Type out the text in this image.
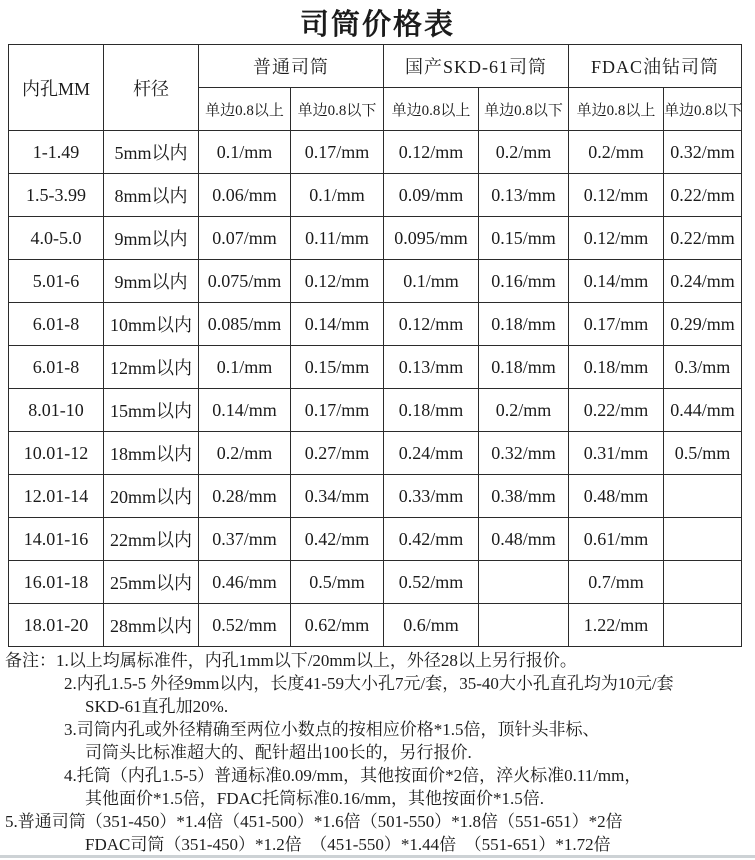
司筒价格表
内孔MM	杆径	普通司筒		国产SKD-61司筒		FDAC油钻司筒	
		单边0.8以上	单边0.8以下	单边0.8以上	单边0.8以下	单边0.8以上	单边0.8以下
1-1.49	5mm以内	0.1/mm	0.17/mm	0.12/mm	0.2/mm	0.2/mm	0.32/mm
1.5-3.99	8mm以内	0.06/mm	0.1/mm	0.09/mm	0.13/mm	0.12/mm	0.22/mm
4.0-5.0	9mm以内	0.07/mm	0.11/mm	0.095/mm	0.15/mm	0.12/mm	0.22/mm
5.01-6	9mm以内	0.075/mm	0.12/mm	0.1/mm	0.16/mm	0.14/mm	0.24/mm
6.01-8	10mm以内	0.085/mm	0.14/mm	0.12/mm	0.18/mm	0.17/mm	0.29/mm
6.01-8	12mm以内	0.1/mm	0.15/mm	0.13/mm	0.18/mm	0.18/mm	0.3/mm
8.01-10	15mm以内	0.14/mm	0.17/mm	0.18/mm	0.2/mm	0.22/mm	0.44/mm
10.01-12	18mm以内	0.2/mm	0.27/mm	0.24/mm	0.32/mm	0.31/mm	0.5/mm
12.01-14	20mm以内	0.28/mm	0.34/mm	0.33/mm	0.38/mm	0.48/mm	
14.01-16	22mm以内	0.37/mm	0.42/mm	0.42/mm	0.48/mm	0.61/mm	
16.01-18	25mm以内	0.46/mm	0.5/mm	0.52/mm		0.7/mm	
18.01-20	28mm以内	0.52/mm	0.62/mm	0.6/mm		1.22/mm	
备注：1.以上均属标准件，内孔1mm以下/20mm以上，外径28以上另行报价。
2.内孔1.5-5 外径9mm以内，长度41-59大小孔7元/套，35-40大小孔直孔均为10元/套
SKD-61直孔加20%.
3.司筒内孔或外径精确至两位小数点的按相应价格*1.5倍，顶针头非标、
司筒头比标准超大的、配针超出100长的，另行报价.
4.托筒（内孔1.5-5）普通标准0.09/mm，其他按面价*2倍，淬火标准0.11/mm，
其他面价*1.5倍，FDAC托筒标准0.16/mm，其他按面价*1.5倍.
5.普通司筒（351-450）*1.4倍（451-500）*1.6倍（501-550）*1.8倍（551-651）*2倍
FDAC司筒（351-450）*1.2倍  （451-550）*1.44倍  （551-651）*1.72倍
